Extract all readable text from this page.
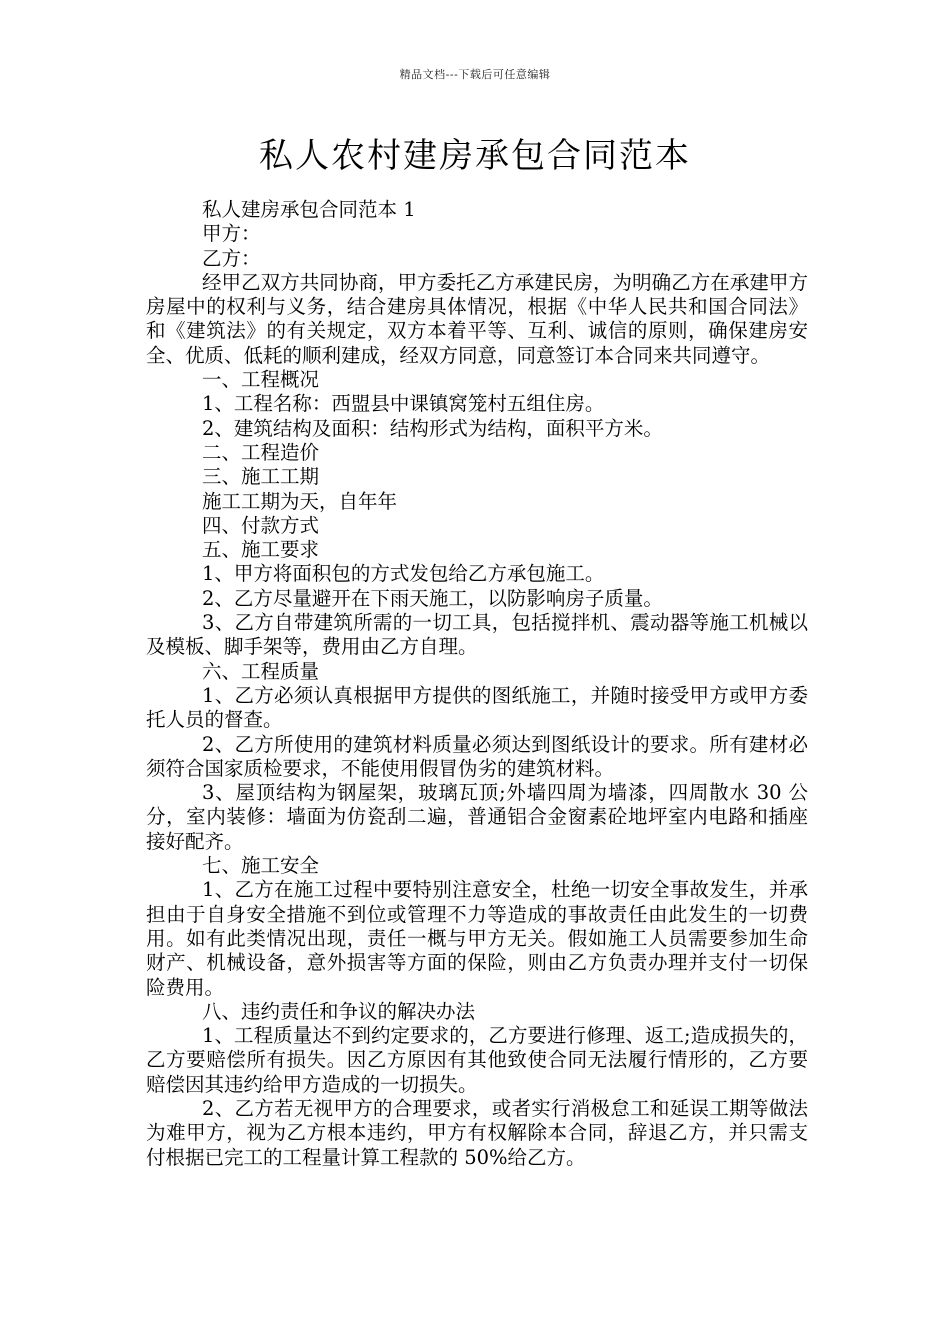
精品文档---下载后可任意编辑
私人农村建房承包合同范本

私人建房承包合同范本 1

甲方：

乙方：

经甲乙双方共同协商，甲方委托乙方承建民房，为明确乙方在承建甲方房屋中的权利与义务，结合建房具体情况，根据《中华人民共和国合同法》和《建筑法》的有关规定，双方本着平等、互利、诚信的原则，确保建房安全、优质、低耗的顺利建成，经双方同意，同意签订本合同来共同遵守。

一、工程概况

1、工程名称：西盟县中课镇窝笼村五组住房。

2、建筑结构及面积：结构形式为结构，面积平方米。

二、工程造价

三、施工工期

施工工期为天，自年年

四、付款方式

五、施工要求

1、甲方将面积包的方式发包给乙方承包施工。

2、乙方尽量避开在下雨天施工，以防影响房子质量。

3、乙方自带建筑所需的一切工具，包括搅拌机、震动器等施工机械以及模板、脚手架等，费用由乙方自理。

六、工程质量

1、乙方必须认真根据甲方提供的图纸施工，并随时接受甲方或甲方委托人员的督查。

2、乙方所使用的建筑材料质量必须达到图纸设计的要求。所有建材必须符合国家质检要求，不能使用假冒伪劣的建筑材料。

3、屋顶结构为钢屋架，玻璃瓦顶;外墙四周为墙漆，四周散水 30 公分，室内装修：墙面为仿瓷刮二遍，普通铝合金窗素砼地坪室内电路和插座接好配齐。

七、施工安全

1、乙方在施工过程中要特别注意安全，杜绝一切安全事故发生，并承担由于自身安全措施不到位或管理不力等造成的事故责任由此发生的一切费用。如有此类情况出现，责任一概与甲方无关。假如施工人员需要参加生命财产、机械设备，意外损害等方面的保险，则由乙方负责办理并支付一切保险费用。

八、违约责任和争议的解决办法

1、工程质量达不到约定要求的，乙方要进行修理、返工;造成损失的，乙方要赔偿所有损失。因乙方原因有其他致使合同无法履行情形的，乙方要赔偿因其违约给甲方造成的一切损失。

2、乙方若无视甲方的合理要求，或者实行消极怠工和延误工期等做法为难甲方，视为乙方根本违约，甲方有权解除本合同，辞退乙方，并只需支付根据已完工的工程量计算工程款的 50%给乙方。
